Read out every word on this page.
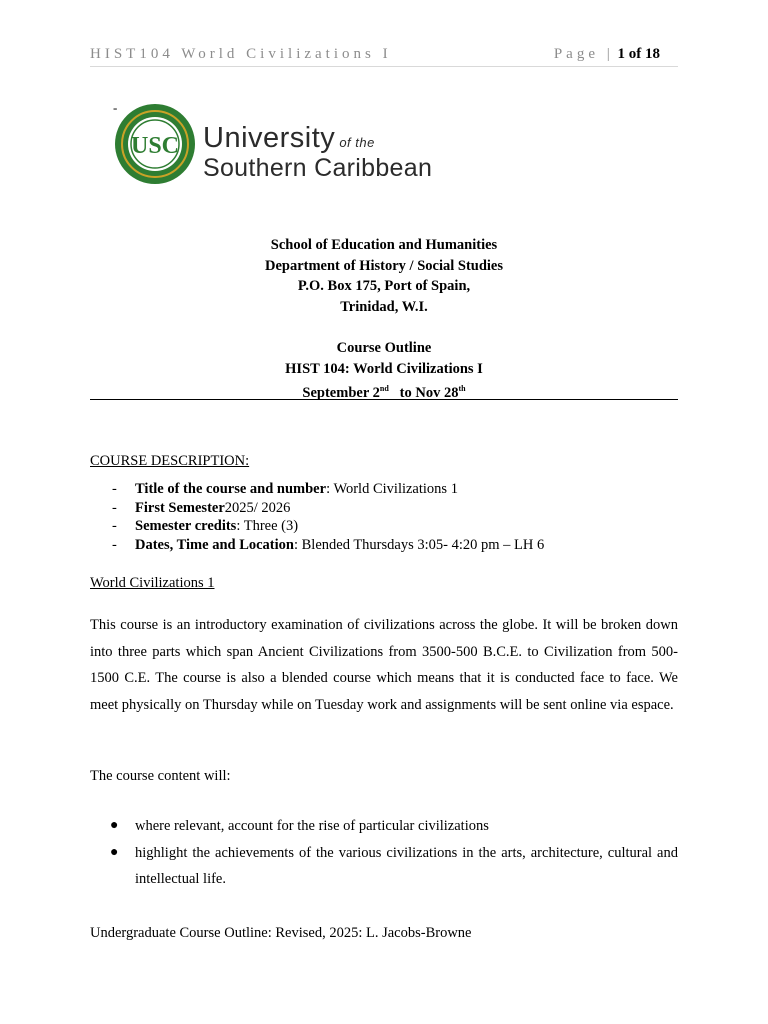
HIST104 World Civilizations I	Page | 1 of 18
-
USC University of the
Southern Caribbean
School of Education and Humanities
Department of History / Social Studies
P.O. Box 175, Port of Spain,
Trinidad, W.I.
Course Outline
HIST 104: World Civilizations I
September 2nd   to Nov 28th
COURSE DESCRIPTION:
- Title of the course and number: World Civilizations 1
- First Semester2025/ 2026
- Semester credits: Three (3)
- Dates, Time and Location: Blended Thursdays 3:05- 4:20 pm – LH 6
World Civilizations 1

This course is an introductory examination of civilizations across the globe. It will be broken down into three parts which span Ancient Civilizations from 3500-500 B.C.E. to Civilization from 500-1500 C.E. The course is also a blended course which means that it is conducted face to face. We meet physically on Thursday while on Tuesday work and assignments will be sent online via espace.

The course content will:
● where relevant, account for the rise of particular civilizations
● highlight the achievements of the various civilizations in the arts, architecture, cultural and intellectual life.
Undergraduate Course Outline: Revised, 2025: L. Jacobs-Browne
